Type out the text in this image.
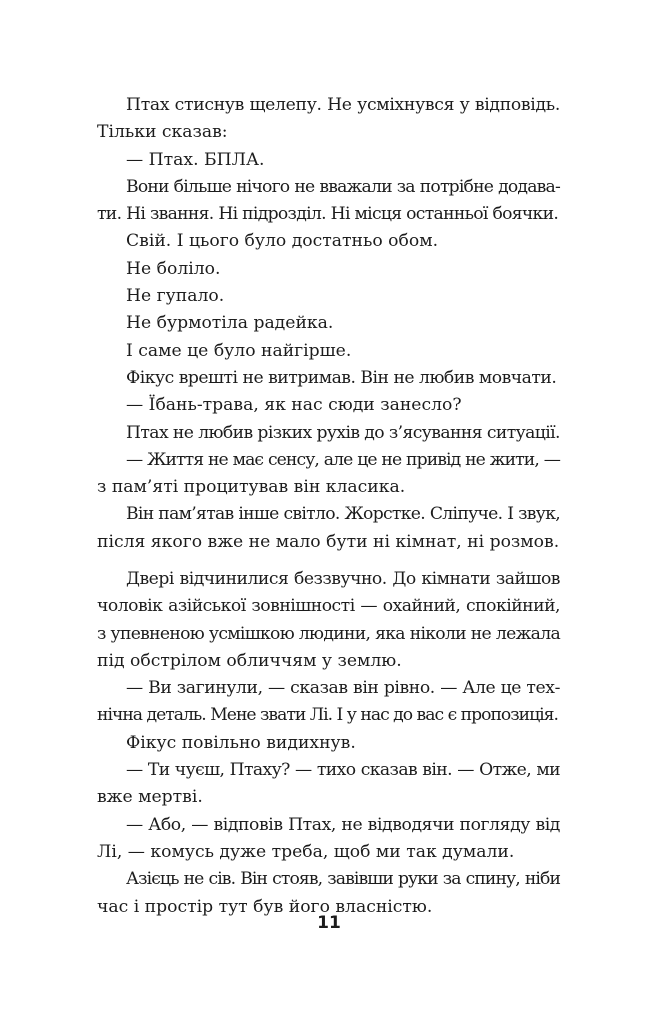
Птах стиснув щелепу. Не усміхнувся у відповідь.
Тільки сказав:
— Птах. БПЛА.
Вони більше нічого не вважали за потрібне додава-
ти. Ні звання. Ні підрозділ. Ні місця останньої боячки.
Свій. І цього було достатньо обом.
Не боліло.
Не гупало.
Не бурмотіла радейка.
І саме це було найгірше.
Фікус врешті не витримав. Він не любив мовчати.
— Їбань-трава, як нас сюди занесло?
Птах не любив різких рухів до з’ясування ситуації.
— Життя не має сенсу, але це не привід не жити, —
з пам’яті процитував він класика.
Він пам’ятав інше світло. Жорстке. Сліпуче. І звук,
після якого вже не мало бути ні кімнат, ні розмов.
Двері відчинилися беззвучно. До кімнати зайшов
чоловік азійської зовнішності — охайний, спокійний,
з упевненою усмішкою людини, яка ніколи не лежала
під обстрілом обличчям у землю.
— Ви загинули, — сказав він рівно. — Але це тех-
нічна деталь. Мене звати Лі. І у нас до вас є пропозиція.
Фікус повільно видихнув.
— Ти чуєш, Птаху? — тихо сказав він. — Отже, ми
вже мертві.
— Або, — відповів Птах, не відводячи погляду від
Лі, — комусь дуже треба, щоб ми так думали.
Азієць не сів. Він стояв, завівши руки за спину, ніби
час і простір тут був його власністю.
11
